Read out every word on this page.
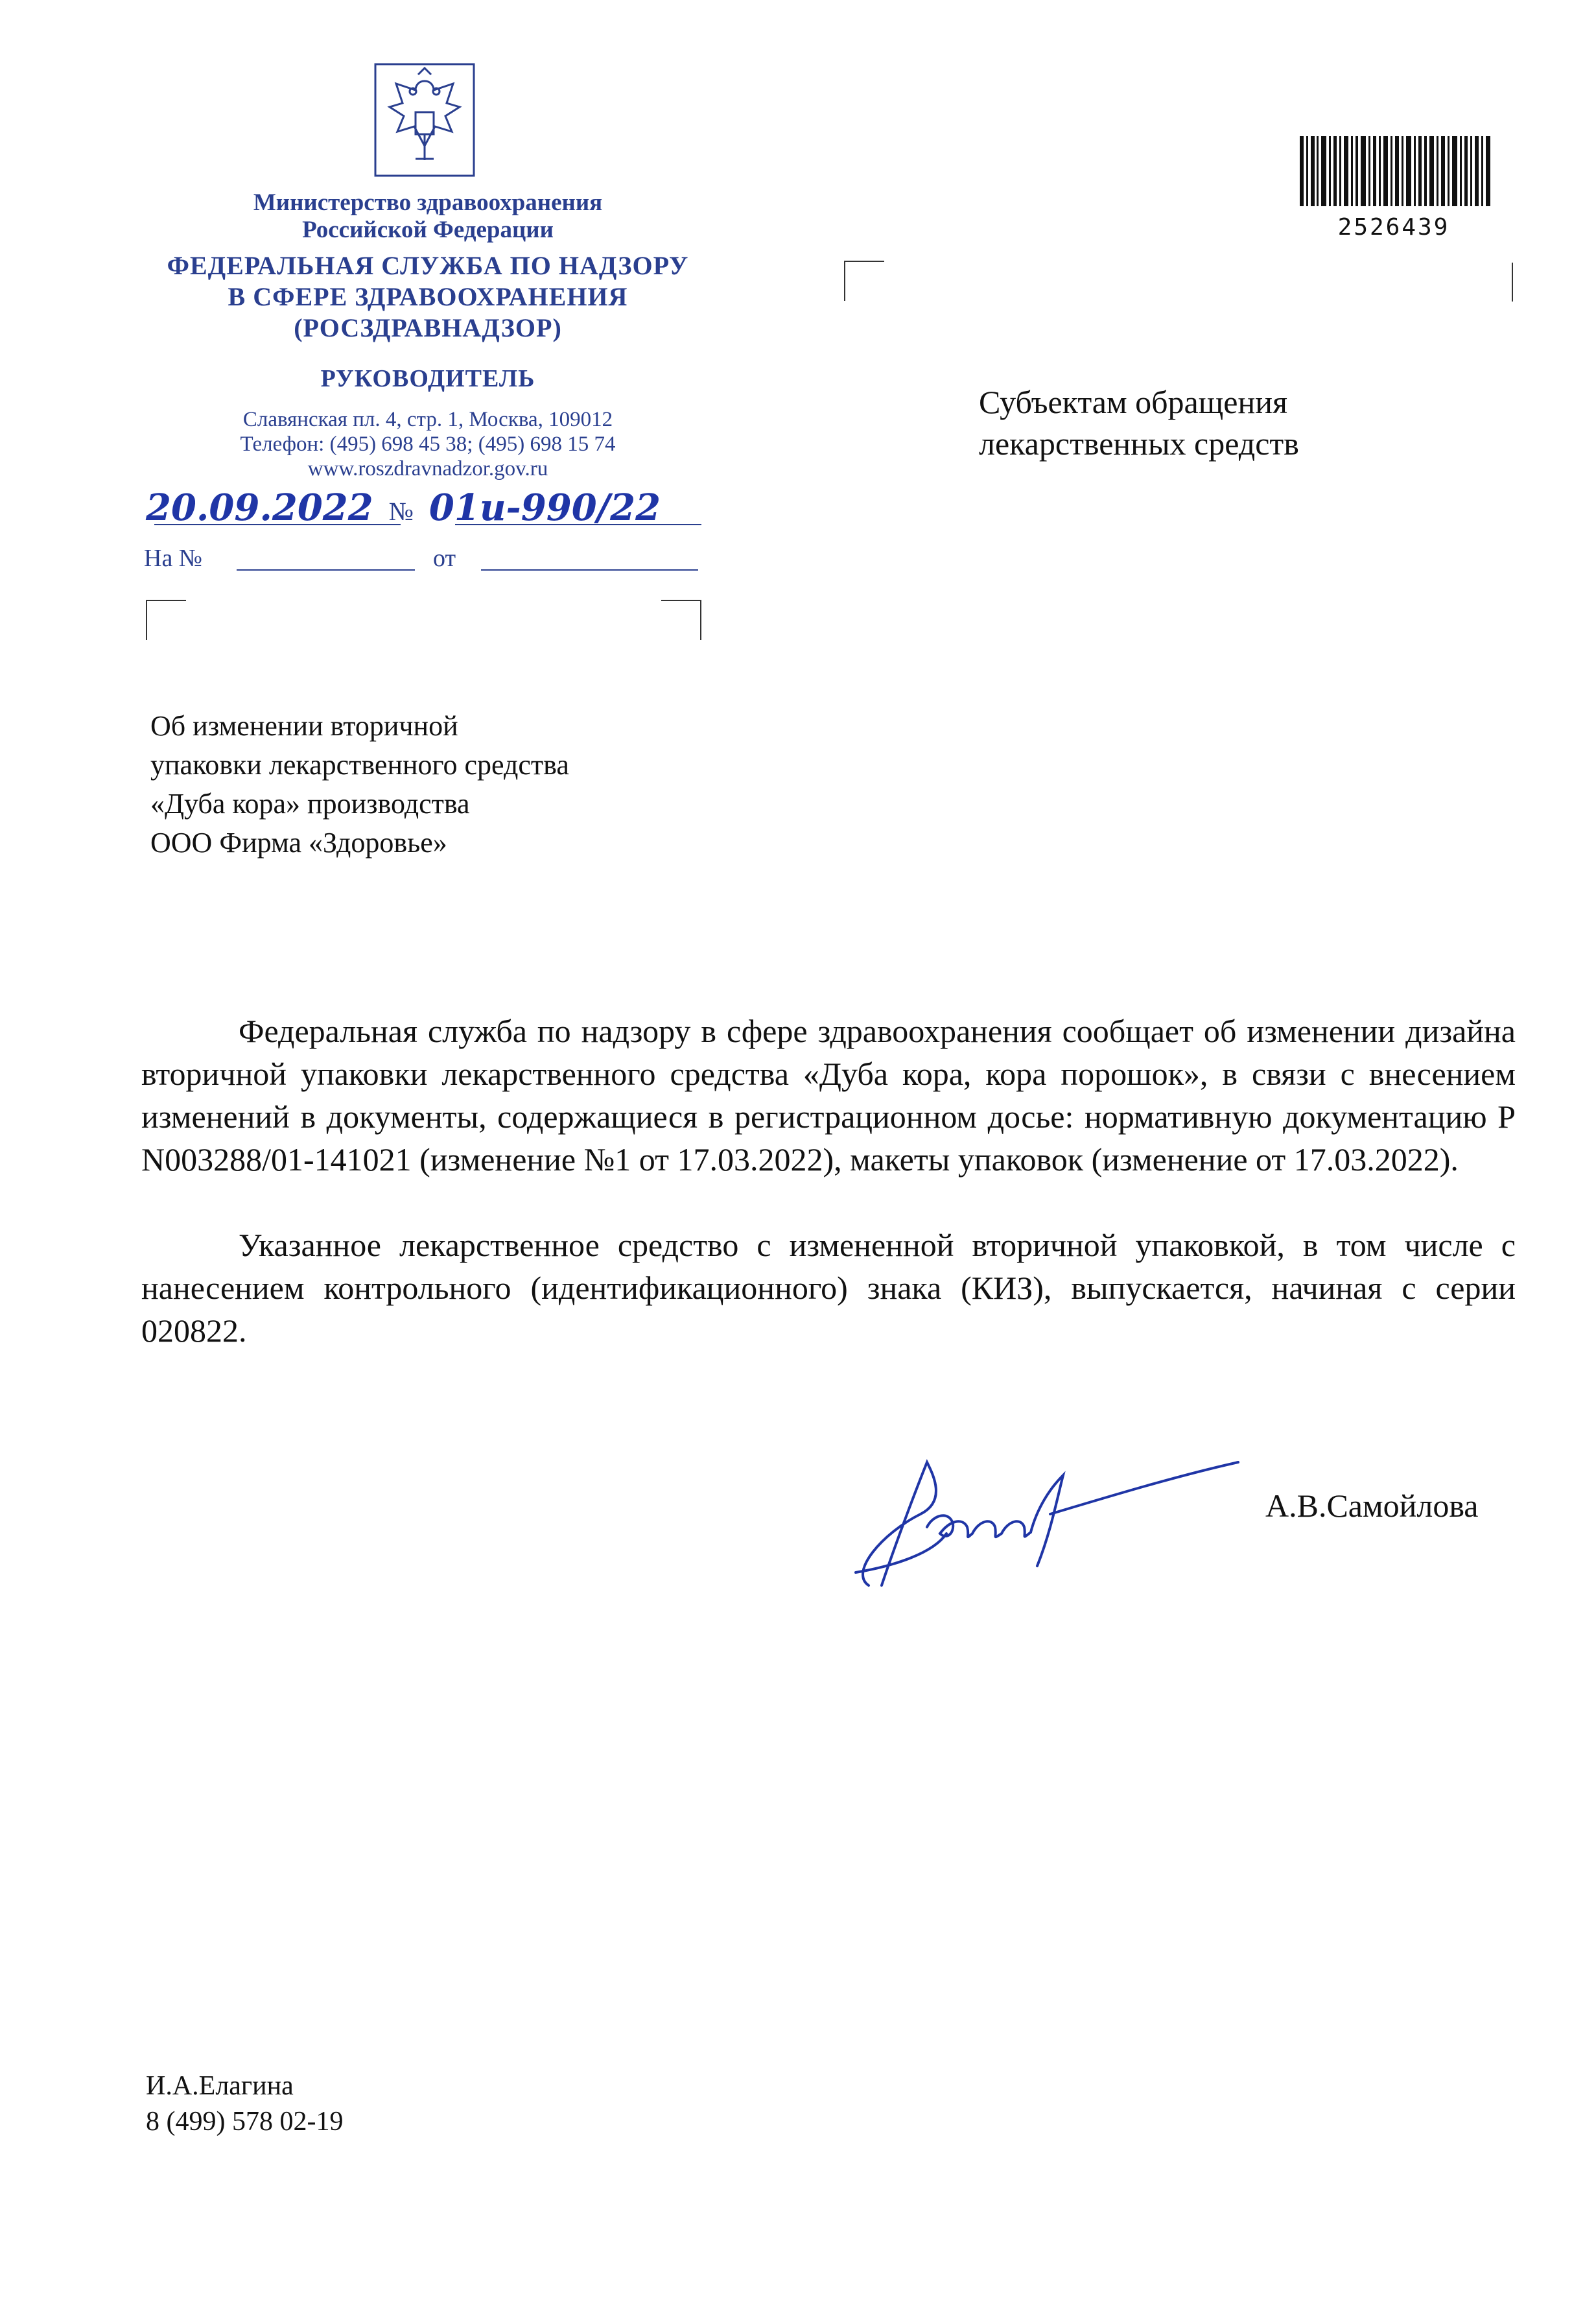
Министерство здравоохранения
Российской Федерации
ФЕДЕРАЛЬНАЯ СЛУЖБА ПО НАДЗОРУ
В СФЕРЕ ЗДРАВООХРАНЕНИЯ
(РОСЗДРАВНАДЗОР)
РУКОВОДИТЕЛЬ
Славянская пл. 4, стр. 1, Москва, 109012
Телефон: (495) 698 45 38; (495) 698 15 74
www.roszdravnadzor.gov.ru
20.09.2022 № 01и-990/22
На №	от
2526439
Субъектам обращения
лекарственных средств
Об изменении вторичной
упаковки лекарственного средства
«Дуба кора» производства
ООО Фирма «Здоровье»
Федеральная служба по надзору в сфере здравоохранения сообщает об изменении дизайна вторичной упаковки лекарственного средства «Дуба кора, кора порошок», в связи с внесением изменений в документы, содержащиеся в регистрационном досье: нормативную документацию Р N003288/01-141021 (изменение №1 от 17.03.2022), макеты упаковок (изменение от 17.03.2022).
Указанное лекарственное средство с измененной вторичной упаковкой, в том числе с нанесением контрольного (идентификационного) знака (КИЗ), выпускается, начиная с серии 020822.
А.В.Самойлова
И.А.Елагина
8 (499) 578 02-19
